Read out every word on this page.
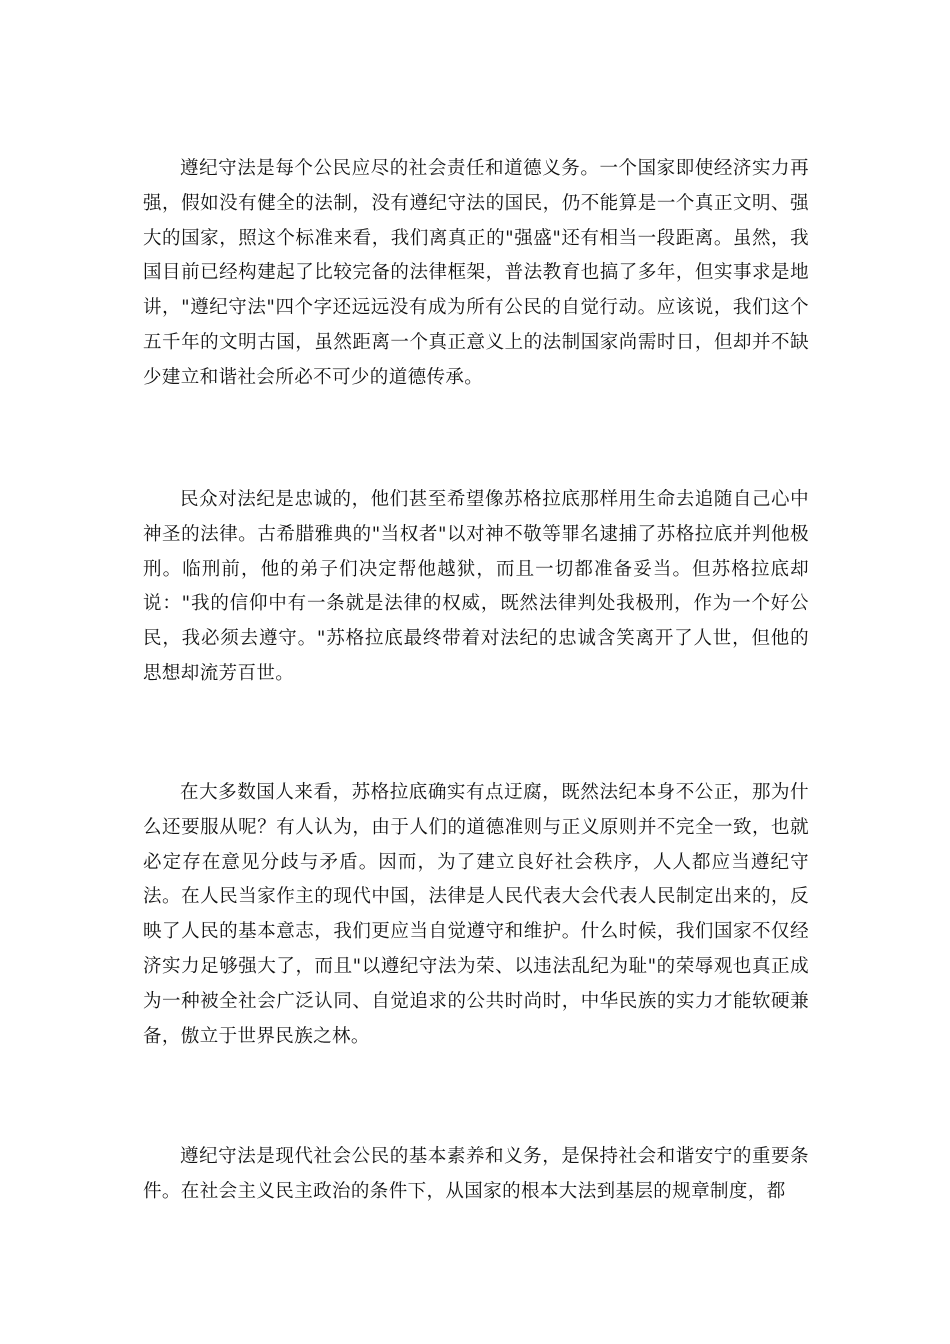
遵纪守法是每个公民应尽的社会责任和道德义务。一个国家即使经济实力再强，假如没有健全的法制，没有遵纪守法的国民，仍不能算是一个真正文明、强大的国家，照这个标准来看，我们离真正的"强盛"还有相当一段距离。虽然，我国目前已经构建起了比较完备的法律框架，普法教育也搞了多年，但实事求是地讲，"遵纪守法"四个字还远远没有成为所有公民的自觉行动。应该说，我们这个五千年的文明古国，虽然距离一个真正意义上的法制国家尚需时日，但却并不缺少建立和谐社会所必不可少的道德传承。

民众对法纪是忠诚的，他们甚至希望像苏格拉底那样用生命去追随自己心中神圣的法律。古希腊雅典的"当权者"以对神不敬等罪名逮捕了苏格拉底并判他极刑。临刑前，他的弟子们决定帮他越狱，而且一切都准备妥当。但苏格拉底却说："我的信仰中有一条就是法律的权威，既然法律判处我极刑，作为一个好公民，我必须去遵守。"苏格拉底最终带着对法纪的忠诚含笑离开了人世，但他的思想却流芳百世。

在大多数国人来看，苏格拉底确实有点迂腐，既然法纪本身不公正，那为什么还要服从呢？有人认为，由于人们的道德准则与正义原则并不完全一致，也就必定存在意见分歧与矛盾。因而，为了建立良好社会秩序，人人都应当遵纪守法。在人民当家作主的现代中国，法律是人民代表大会代表人民制定出来的，反映了人民的基本意志，我们更应当自觉遵守和维护。什么时候，我们国家不仅经济实力足够强大了，而且"以遵纪守法为荣、以违法乱纪为耻"的荣辱观也真正成为一种被全社会广泛认同、自觉追求的公共时尚时，中华民族的实力才能软硬兼备，傲立于世界民族之林。

遵纪守法是现代社会公民的基本素养和义务，是保持社会和谐安宁的重要条件。在社会主义民主政治的条件下，从国家的根本大法到基层的规章制度，都
